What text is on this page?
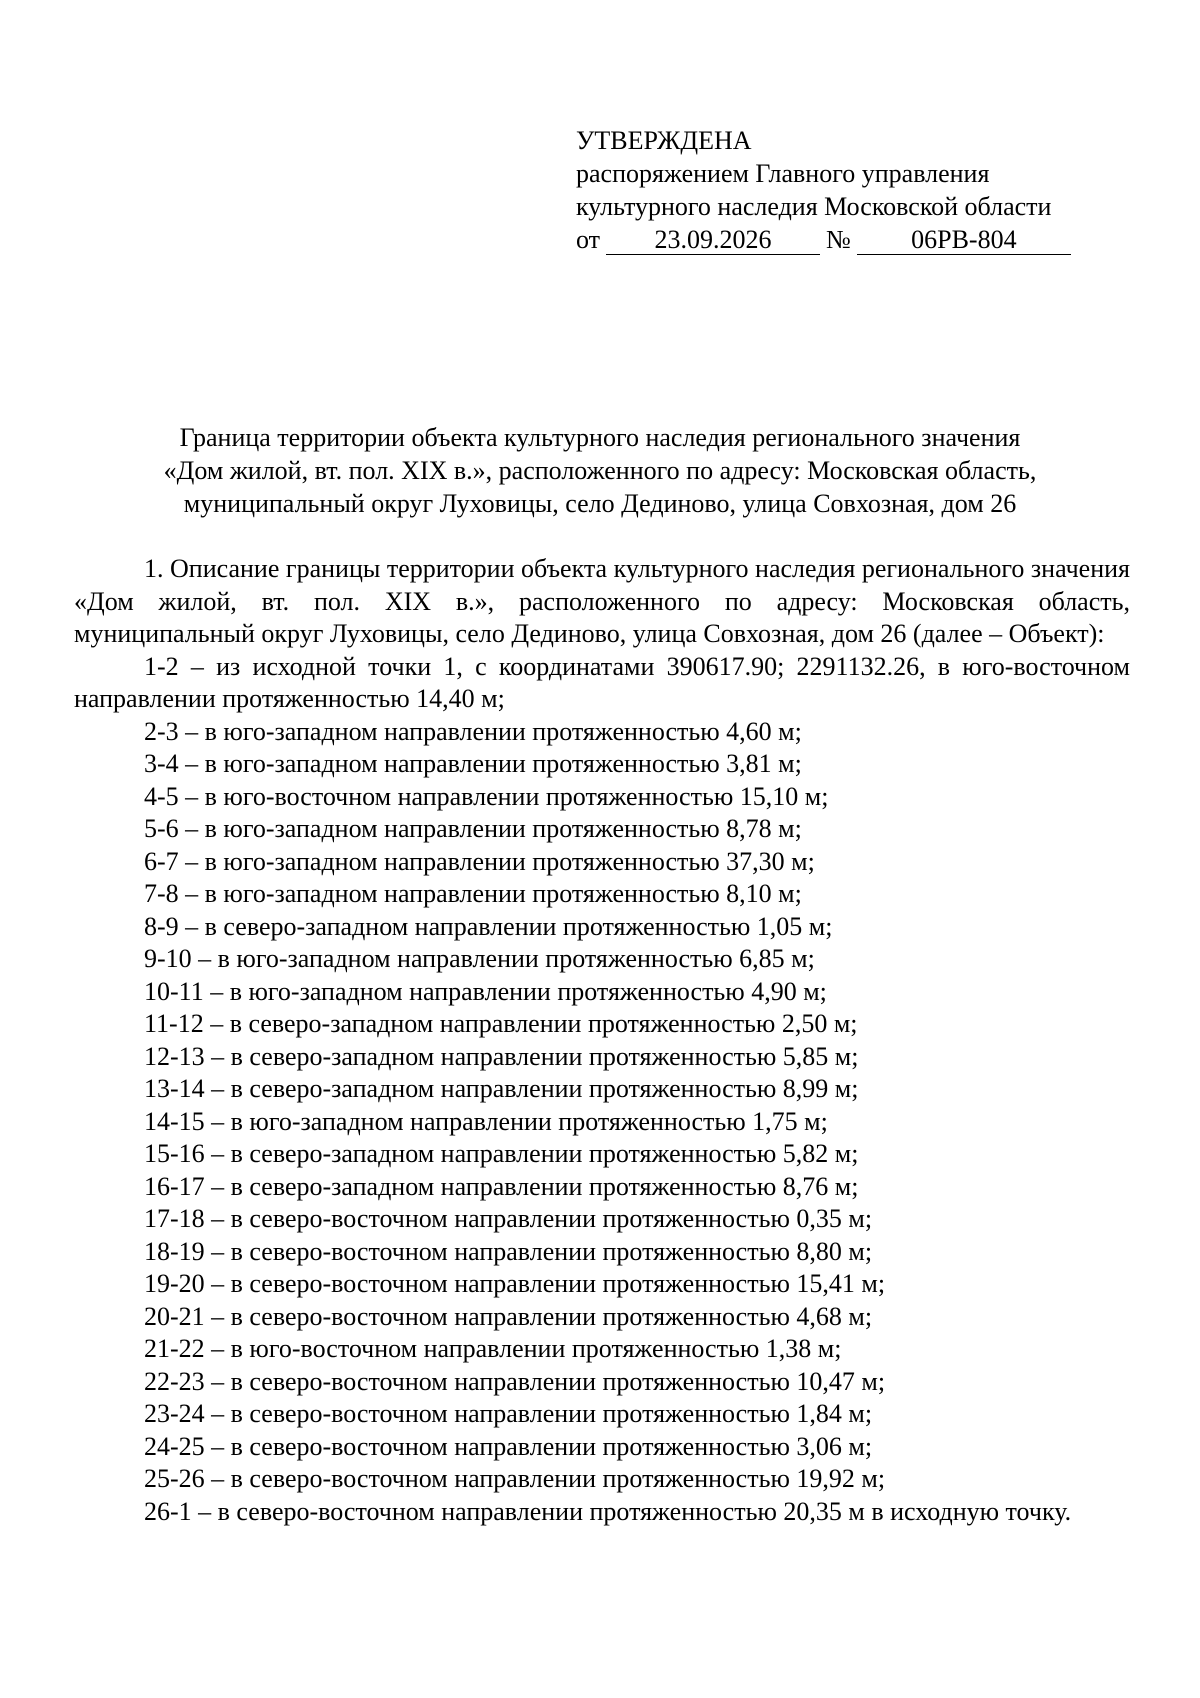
УТВЕРЖДЕНА
распоряжением Главного управления
культурного наследия Московской области
от	23.09.2026	№	06РВ-804
Граница территории объекта культурного наследия регионального значения
«Дом жилой, вт. пол. XIX в.», расположенного по адресу: Московская область,
муниципальный округ Луховицы, село Дединово, улица Совхозная, дом 26

1. Описание границы территории объекта культурного наследия регионального значения «Дом жилой, вт. пол. XIX в.», расположенного по адресу: Московская область, муниципальный округ Луховицы, село Дединово, улица Совхозная, дом 26 (далее – Объект):

1-2 – из исходной точки 1, с координатами 390617.90; 2291132.26, в юго-восточном направлении протяженностью 14,40 м;

2-3 – в юго-западном направлении протяженностью 4,60 м;

3-4 – в юго-западном направлении протяженностью 3,81 м;

4-5 – в юго-восточном направлении протяженностью 15,10 м;

5-6 – в юго-западном направлении протяженностью 8,78 м;

6-7 – в юго-западном направлении протяженностью 37,30 м;

7-8 – в юго-западном направлении протяженностью 8,10 м;

8-9 – в северо-западном направлении протяженностью 1,05 м;

9-10 – в юго-западном направлении протяженностью 6,85 м;

10-11 – в юго-западном направлении протяженностью 4,90 м;

11-12 – в северо-западном направлении протяженностью 2,50 м;

12-13 – в северо-западном направлении протяженностью 5,85 м;

13-14 – в северо-западном направлении протяженностью 8,99 м;

14-15 – в юго-западном направлении протяженностью 1,75 м;

15-16 – в северо-западном направлении протяженностью 5,82 м;

16-17 – в северо-западном направлении протяженностью 8,76 м;

17-18 – в северо-восточном направлении протяженностью 0,35 м;

18-19 – в северо-восточном направлении протяженностью 8,80 м;

19-20 – в северо-восточном направлении протяженностью 15,41 м;

20-21 – в северо-восточном направлении протяженностью 4,68 м;

21-22 – в юго-восточном направлении протяженностью 1,38 м;

22-23 – в северо-восточном направлении протяженностью 10,47 м;

23-24 – в северо-восточном направлении протяженностью 1,84 м;

24-25 – в северо-восточном направлении протяженностью 3,06 м;

25-26 – в северо-восточном направлении протяженностью 19,92 м;

26-1 – в северо-восточном направлении протяженностью 20,35 м в исходную точку.
